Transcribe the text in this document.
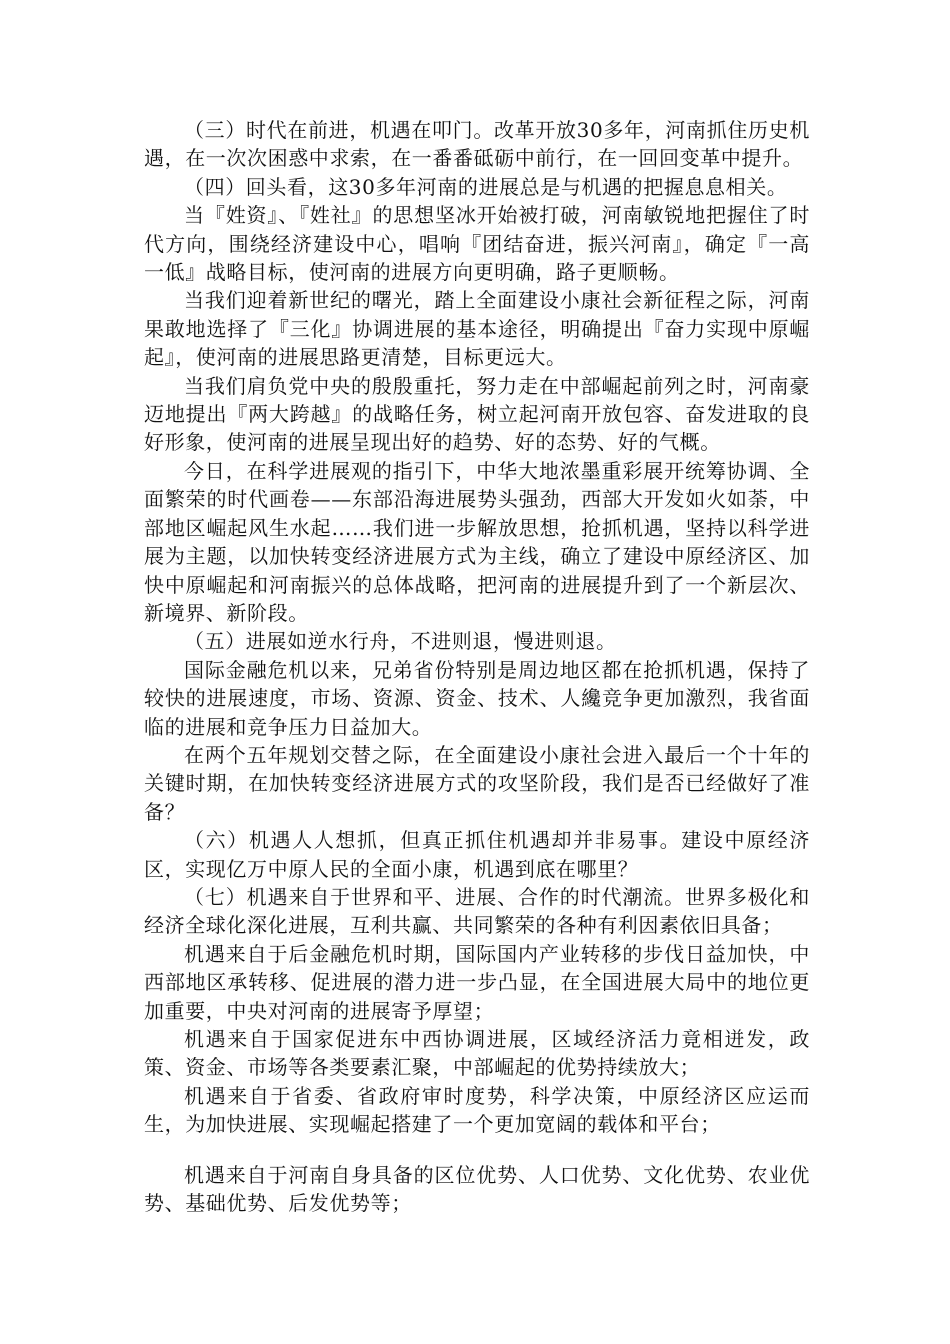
（三）时代在前进，机遇在叩门。改革开放30多年，河南抓住历史机遇，在一次次困惑中求索，在一番番砥砺中前行，在一回回变革中提升。

（四）回头看，这30多年河南的进展总是与机遇的把握息息相关。

当『姓资』、『姓社』的思想坚冰开始被打破，河南敏锐地把握住了时代方向，围绕经济建设中心，唱响『团结奋进，振兴河南』，确定『一高一低』战略目标，使河南的进展方向更明确，路子更顺畅。

当我们迎着新世纪的曙光，踏上全面建设小康社会新征程之际，河南果敢地选择了『三化』协调进展的基本途径，明确提出『奋力实现中原崛起』，使河南的进展思路更清楚，目标更远大。

当我们肩负党中央的殷殷重托，努力走在中部崛起前列之时，河南豪迈地提出『两大跨越』的战略任务，树立起河南开放包容、奋发进取的良好形象，使河南的进展呈现出好的趋势、好的态势、好的气概。

今日，在科学进展观的指引下，中华大地浓墨重彩展开统筹协调、全面繁荣的时代画卷——东部沿海进展势头强劲，西部大开发如火如荼，中部地区崛起风生水起……我们进一步解放思想，抢抓机遇，坚持以科学进展为主题，以加快转变经济进展方式为主线，确立了建设中原经济区、加快中原崛起和河南振兴的总体战略，把河南的进展提升到了一个新层次、新境界、新阶段。

（五）进展如逆水行舟，不进则退，慢进则退。

国际金融危机以来，兄弟省份特别是周边地区都在抢抓机遇，保持了较快的进展速度，市场、资源、资金、技术、人纔竞争更加激烈，我省面临的进展和竞争压力日益加大。

在两个五年规划交替之际，在全面建设小康社会进入最后一个十年的关键时期，在加快转变经济进展方式的攻坚阶段，我们是否已经做好了准备？

（六）机遇人人想抓，但真正抓住机遇却并非易事。建设中原经济区，实现亿万中原人民的全面小康，机遇到底在哪里？

（七）机遇来自于世界和平、进展、合作的时代潮流。世界多极化和经济全球化深化进展，互利共赢、共同繁荣的各种有利因素依旧具备；

机遇来自于后金融危机时期，国际国内产业转移的步伐日益加快，中西部地区承转移、促进展的潜力进一步凸显，在全国进展大局中的地位更加重要，中央对河南的进展寄予厚望；

机遇来自于国家促进东中西协调进展，区域经济活力竟相迸发，政策、资金、市场等各类要素汇聚，中部崛起的优势持续放大；

机遇来自于省委、省政府审时度势，科学决策，中原经济区应运而生，为加快进展、实现崛起搭建了一个更加宽阔的载体和平台；

机遇来自于河南自身具备的区位优势、人口优势、文化优势、农业优势、基础优势、后发优势等；
